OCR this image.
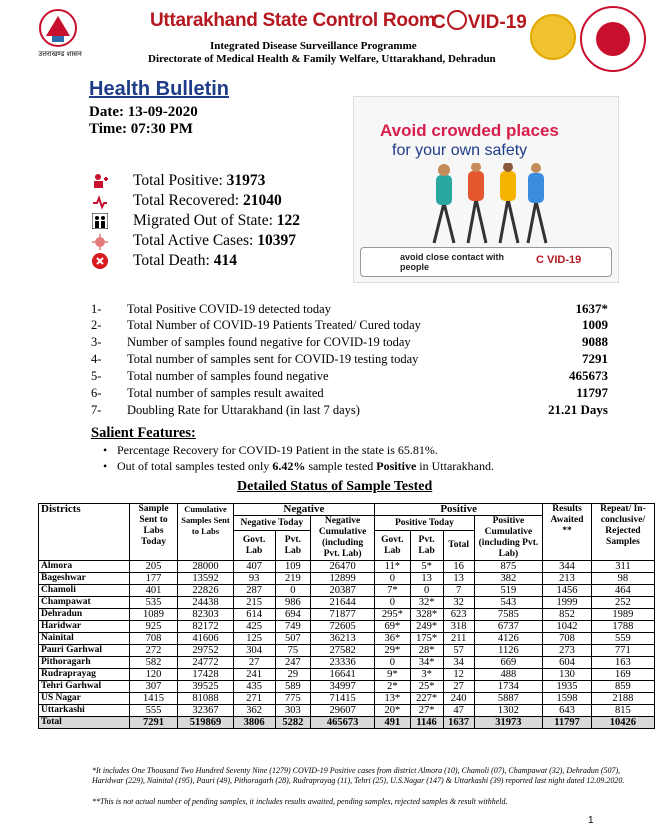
उत्तराखण्ड शासन
Uttarakhand State Control Room
C VID-19
Integrated Disease Surveillance Programme
Directorate of Medical Health & Family Welfare, Uttarakhand, Dehradun
Health Bulletin
Date: 13-09-2020
Time: 07:30 PM	Avoid crowded places
for your own safety
avoid close contact with people
C VID-19
Total Positive: 31973
Total Recovered: 21040
Migrated Out of State: 122
Total Active Cases: 10397
Total Death: 414
1- Total Positive COVID-19 detected today	1637*
2- Total Number of COVID-19 Patients Treated/ Cured today	1009
3- Number of samples found negative for COVID-19 today	9088
4- Total number of samples sent for COVID-19 testing today	7291
5- Total number of samples found negative	465673
6- Total number of samples result awaited	11797
7- Doubling Rate for Uttarakhand (in last 7 days)	21.21 Days
Salient Features:
• Percentage Recovery for COVID-19 Patient in the state is 65.81%.
• Out of total samples tested only 6.42% sample tested Positive in Uttarakhand.
Detailed Status of Sample Tested
Districts	Sample Sent to Labs Today	Cumulative Samples Sent to Labs	Negative			Positive				Results Awaited **	Repeat/ In-conclusive/ Rejected Samples
			Negative Today		Negative Cumulative (including Pvt. Lab)	Positive Today			Positive Cumulative (including Pvt. Lab)		
			Govt. Lab	Pvt. Lab		Govt. Lab	Pvt. Lab	Total			
Almora	205	28000	407	109	26470	11*	5*	16	875	344	311
Bageshwar	177	13592	93	219	12899	0	13	13	382	213	98
Chamoli	401	22826	287	0	20387	7*	0	7	519	1456	464
Champawat	535	24438	215	986	21644	0	32*	32	543	1999	252
Dehradun	1089	82303	614	694	71877	295*	328*	623	7585	852	1989
Haridwar	925	82172	425	749	72605	69*	249*	318	6737	1042	1788
Nainital	708	41606	125	507	36213	36*	175*	211	4126	708	559
Pauri Garhwal	272	29752	304	75	27582	29*	28*	57	1126	273	771
Pithoragarh	582	24772	27	247	23336	0	34*	34	669	604	163
Rudraprayag	120	17428	241	29	16641	9*	3*	12	488	130	169
Tehri Garhwal	307	39525	435	589	34997	2*	25*	27	1734	1935	859
US Nagar	1415	81088	271	775	71415	13*	227*	240	5887	1598	2188
Uttarkashi	555	32367	362	303	29607	20*	27*	47	1302	643	815
Total	7291	519869	3806	5282	465673	491	1146	1637	31973	11797	10426
*It includes One Thousand Two Hundred Seventy Nine (1279) COVID-19 Positive cases from district Almora (10), Chamoli (07), Champawat (32), Dehradun (507), Haridwar (229), Nainital (195), Pauri (49), Pithoragarh (28), Rudraprayag (11), Tehri (25), U.S.Nagar (147) & Uttarkashi (39) reported last night dated 12.09.2020.
**This is not actual number of pending samples, it includes results awaited, pending samples, rejected samples & result withheld.
1
